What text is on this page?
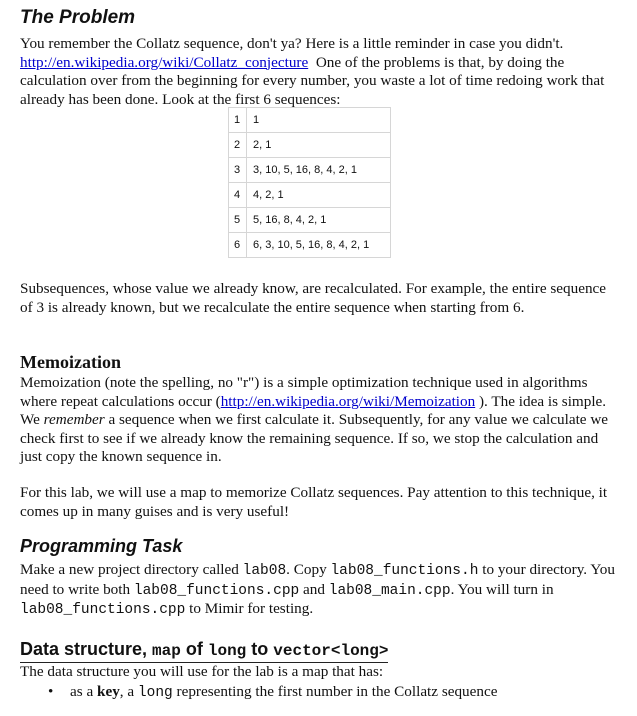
The Problem

You remember the Collatz sequence, don't ya? Here is a little reminder in case you didn't.
http://en.wikipedia.org/wiki/Collatz_conjecture One of the problems is that, by doing the calculation over from the beginning for every number, you waste a lot of time redoing work that already has been done. Look at the first 6 sequences:

1	1
2	2, 1
3	3, 10, 5, 16, 8, 4, 2, 1
4	4, 2, 1
5	5, 16, 8, 4, 2, 1
6	6, 3, 10, 5, 16, 8, 4, 2, 1

Subsequences, whose value we already know, are recalculated. For example, the entire sequence of 3 is already known, but we recalculate the entire sequence when starting from 6.

Memoization

Memoization (note the spelling, no "r") is a simple optimization technique used in algorithms where repeat calculations occur (http://en.wikipedia.org/wiki/Memoization ). The idea is simple. We remember a sequence when we first calculate it. Subsequently, for any value we calculate we check first to see if we already know the remaining sequence. If so, we stop the calculation and just copy the known sequence in.

For this lab, we will use a map to memorize Collatz sequences. Pay attention to this technique, it comes up in many guises and is very useful!

Programming Task

Make a new project directory called lab08. Copy lab08_functions.h to your directory. You need to write both lab08_functions.cpp and lab08_main.cpp. You will turn in lab08_functions.cpp to Mimir for testing.

Data structure, map of long to vector<long>

The data structure you will use for the lab is a map that has:

• as a key, a long representing the first number in the Collatz sequence
